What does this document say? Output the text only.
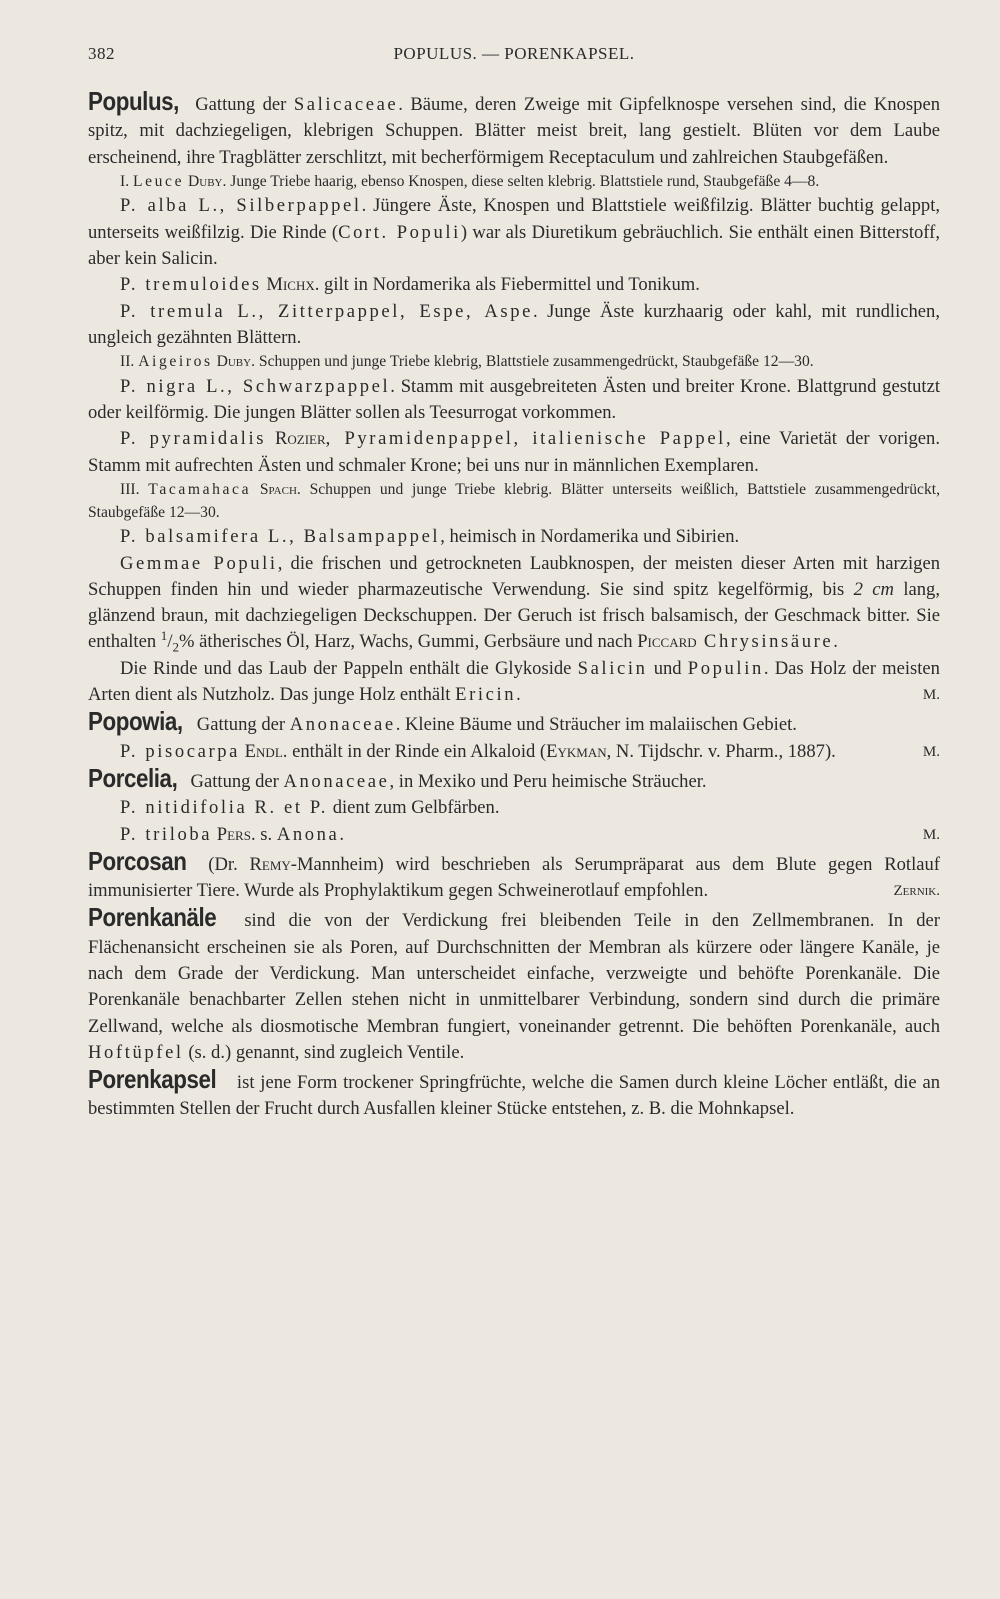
382	POPULUS. — PORENKAPSEL.

Populus, Gattung der Salicaceae. Bäume, deren Zweige mit Gipfelknospe versehen sind, die Knospen spitz, mit dachziegeligen, klebrigen Schuppen. Blätter meist breit, lang gestielt. Blüten vor dem Laube erscheinend, ihre Tragblätter zerschlitzt, mit becherförmigem Receptaculum und zahlreichen Staubgefäßen.

I. Leuce Duby. Junge Triebe haarig, ebenso Knospen, diese selten klebrig. Blattstiele rund, Staubgefäße 4—8.

P. alba L., Silberpappel. Jüngere Äste, Knospen und Blattstiele weißfilzig. Blätter buchtig gelappt, unterseits weißfilzig. Die Rinde (Cort. Populi) war als Diuretikum gebräuchlich. Sie enthält einen Bitterstoff, aber kein Salicin.

P. tremuloides Michx. gilt in Nordamerika als Fiebermittel und Tonikum.

P. tremula L., Zitterpappel, Espe, Aspe. Junge Äste kurzhaarig oder kahl, mit rundlichen, ungleich gezähnten Blättern.

II. Aigeiros Duby. Schuppen und junge Triebe klebrig, Blattstiele zusammengedrückt, Staubgefäße 12—30.

P. nigra L., Schwarzpappel. Stamm mit ausgebreiteten Ästen und breiter Krone. Blattgrund gestutzt oder keilförmig. Die jungen Blätter sollen als Teesurrogat vorkommen.

P. pyramidalis Rozier, Pyramidenpappel, italienische Pappel, eine Varietät der vorigen. Stamm mit aufrechten Ästen und schmaler Krone; bei uns nur in männlichen Exemplaren.

III. Tacamahaca Spach. Schuppen und junge Triebe klebrig. Blätter unterseits weißlich, Battstiele zusammengedrückt, Staubgefäße 12—30.

P. balsamifera L., Balsampappel, heimisch in Nordamerika und Sibirien.

Gemmae Populi, die frischen und getrockneten Laubknospen, der meisten dieser Arten mit harzigen Schuppen finden hin und wieder pharmazeutische Verwendung. Sie sind spitz kegelförmig, bis 2 cm lang, glänzend braun, mit dachziegeligen Deckschuppen. Der Geruch ist frisch balsamisch, der Geschmack bitter. Sie enthalten $^1/_2\%$ ätherisches Öl, Harz, Wachs, Gummi, Gerbsäure und nach Piccard Chrysinsäure.

Die Rinde und das Laub der Pappeln enthält die Glykoside Salicin und Populin. Das Holz der meisten Arten dient als Nutzholz. Das junge Holz enthält Ericin.	M.

Popowia, Gattung der Anonaceae. Kleine Bäume und Sträucher im malaiischen Gebiet.

P. pisocarpa Endl. enthält in der Rinde ein Alkaloid (Eykman, N. Tijdschr. v. Pharm., 1887).	M.

Porcelia, Gattung der Anonaceae, in Mexiko und Peru heimische Sträucher.

P. nitidifolia R. et P. dient zum Gelbfärben.

P. triloba Pers. s. Anona.	M.

Porcosan (Dr. Remy-Mannheim) wird beschrieben als Serumpräparat aus dem Blute gegen Rotlauf immunisierter Tiere. Wurde als Prophylaktikum gegen Schweinerotlauf empfohlen.	Zernik.

Porenkanäle sind die von der Verdickung frei bleibenden Teile in den Zellmembranen. In der Flächenansicht erscheinen sie als Poren, auf Durchschnitten der Membran als kürzere oder längere Kanäle, je nach dem Grade der Verdickung. Man unterscheidet einfache, verzweigte und behöfte Porenkanäle. Die Porenkanäle benachbarter Zellen stehen nicht in unmittelbarer Verbindung, sondern sind durch die primäre Zellwand, welche als diosmotische Membran fungiert, voneinander getrennt. Die behöften Porenkanäle, auch Hoftüpfel (s. d.) genannt, sind zugleich Ventile.

Porenkapsel ist jene Form trockener Springfrüchte, welche die Samen durch kleine Löcher entläßt, die an bestimmten Stellen der Frucht durch Ausfallen kleiner Stücke entstehen, z. B. die Mohnkapsel.
